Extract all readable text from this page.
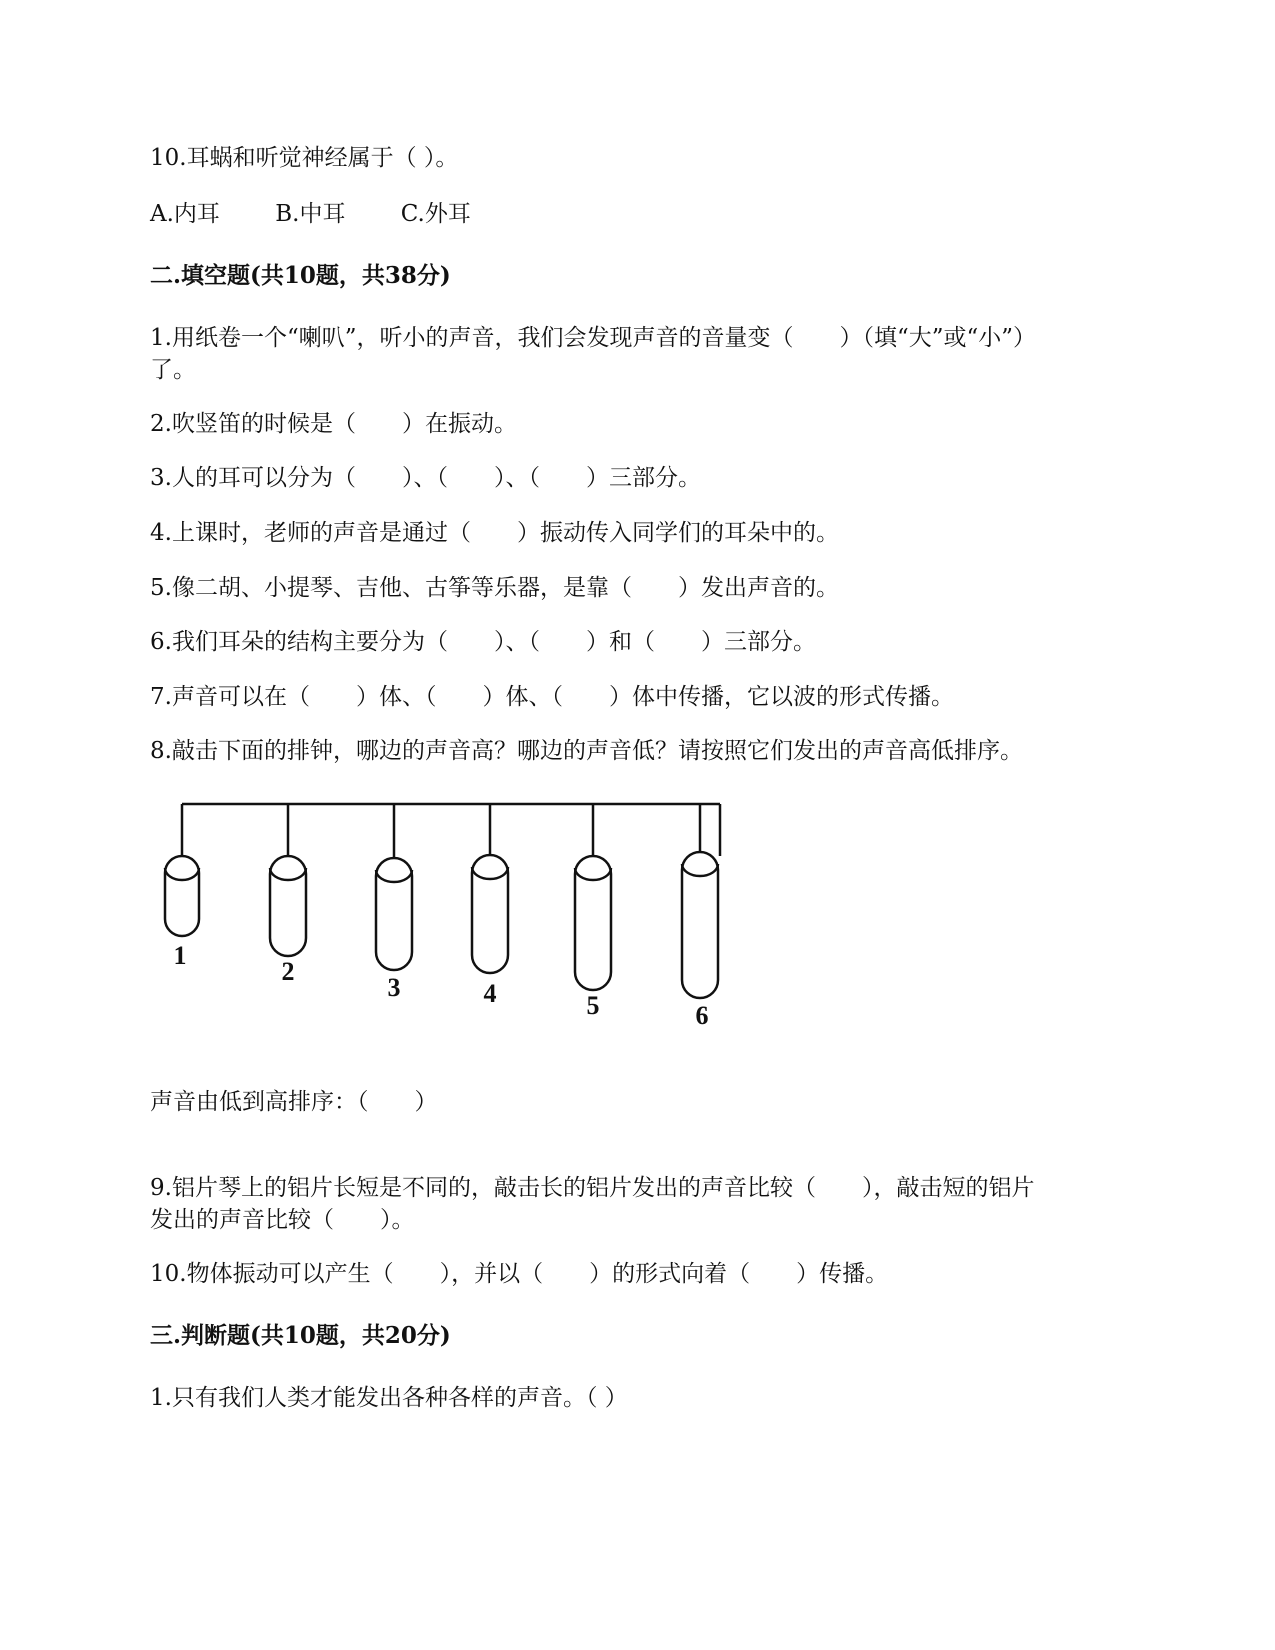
10.耳蜗和听觉神经属于（ ）。
A.内耳 B.中耳 C.外耳
二.填空题(共10题，共38分)
1.用纸卷一个“喇叭”，听小的声音，我们会发现声音的音量变（　　）（填“大”或“小”）
了。
2.吹竖笛的时候是（　　）在振动。
3.人的耳可以分为（　　）、（　　）、（　　）三部分。
4.上课时，老师的声音是通过（　　）振动传入同学们的耳朵中的。
5.像二胡、小提琴、吉他、古筝等乐器，是靠（　　）发出声音的。
6.我们耳朵的结构主要分为（　　）、（　　）和（　　）三部分。
7.声音可以在（　　）体、（　　）体、（　　）体中传播，它以波的形式传播。
8.敲击下面的排钟，哪边的声音高？哪边的声音低？请按照它们发出的声音高低排序。
1
2
3	4	5	6
声音由低到高排序：（　　）
9.铝片琴上的铝片长短是不同的，敲击长的铝片发出的声音比较（　　），敲击短的铝片
发出的声音比较（　　）。
10.物体振动可以产生（　　），并以（　　）的形式向着（　　）传播。
三.判断题(共10题，共20分)
1.只有我们人类才能发出各种各样的声音。（ ）
